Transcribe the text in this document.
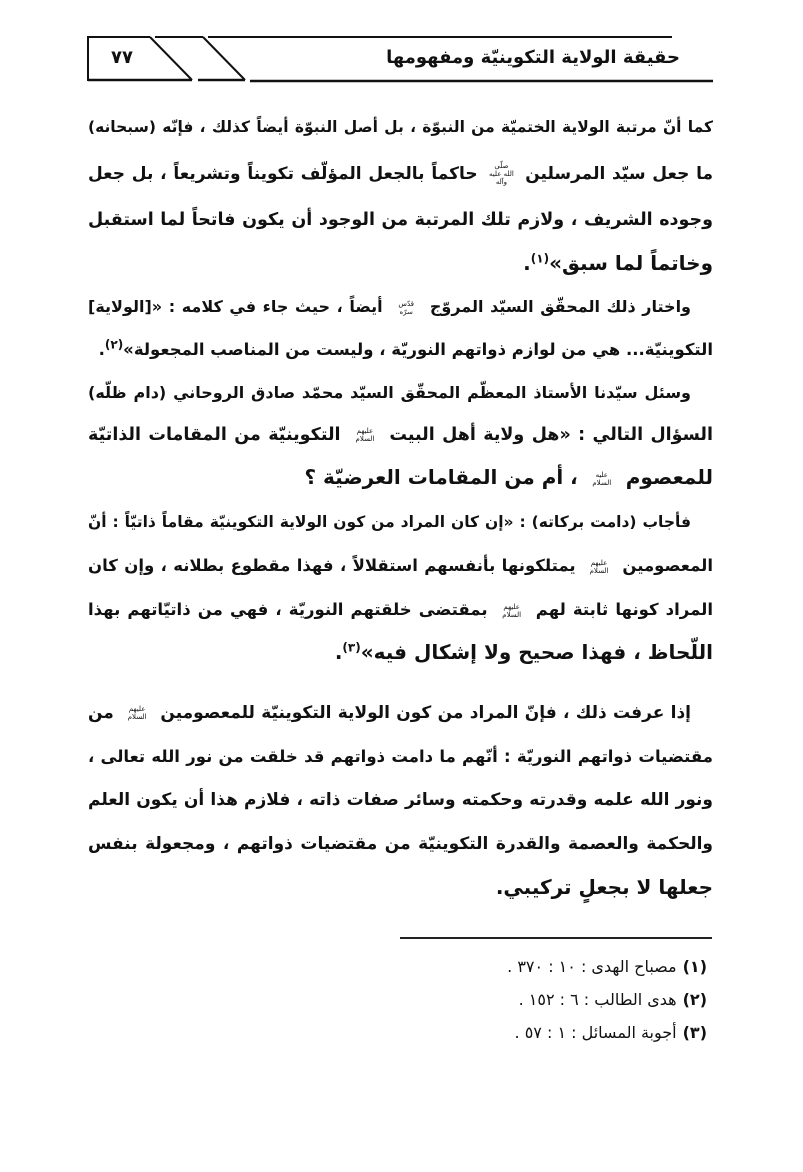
حقيقة الولاية التكوينيّة ومفهومها
٧٧
كما أنّ مرتبة الولاية الختميّة من النبوّة ، بل أصل النبوّة أيضاً كذلك ، فإنّه (سبحانه)
ما جعل سيّد المرسلين صلّى الله عليه وآله حاكماً بالجعل المؤلّف تكويناً وتشريعاً ، بل جعل
وجوده الشريف ، ولازم تلك المرتبة من الوجود أن يكون فاتحاً لما استقبل
وخاتماً لما سبق»$^{(١)}$.
واختار ذلك المحقّق السيّد المروّج قدّس سرّه أيضاً ، حيث جاء في كلامه : «[الولاية]
التكوينيّة... هي من لوازم ذواتهم النوريّة ، وليست من المناصب المجعولة»$^{(٢)}$.
وسئل سيّدنا الأستاذ المعظّم المحقّق السيّد محمّد صادق الروحاني (دام ظلّه)
السؤال التالي : «هل ولاية أهل البيت عليهم السلام التكوينيّة من المقامات الذاتيّة
للمعصوم عليه السلام ، أم من المقامات العرضيّة ؟
فأجاب (دامت بركاته) : «إن كان المراد من كون الولاية التكوينيّة مقاماً ذاتيّاً : أنّ
المعصومين عليهم السلام يمتلكونها بأنفسهم استقلالاً ، فهذا مقطوع بطلانه ، وإن كان
المراد كونها ثابتة لهم عليهم السلام بمقتضى خلقتهم النوريّة ، فهي من ذاتيّاتهم بهذا
اللّحاظ ، فهذا صحيح ولا إشكال فيه»$^{(٣)}$.
إذا عرفت ذلك ، فإنّ المراد من كون الولاية التكوينيّة للمعصومين عليهم السلام من
مقتضيات ذواتهم النوريّة : أنّهم ما دامت ذواتهم قد خلقت من نور الله تعالى ،
ونور الله علمه وقدرته وحكمته وسائر صفات ذاته ، فلازم هذا أن يكون العلم
والحكمة والعصمة والقدرة التكوينيّة من مقتضيات ذواتهم ، ومجعولة بنفس
جعلها لا بجعلٍ تركيبي.
(١)مصباح الهدى : ١٠ : ٣٧٠ .
(٢)هدى الطالب : ٦ : ١٥٢ .
(٣)أجوبة المسائل : ١ : ٥٧ .
